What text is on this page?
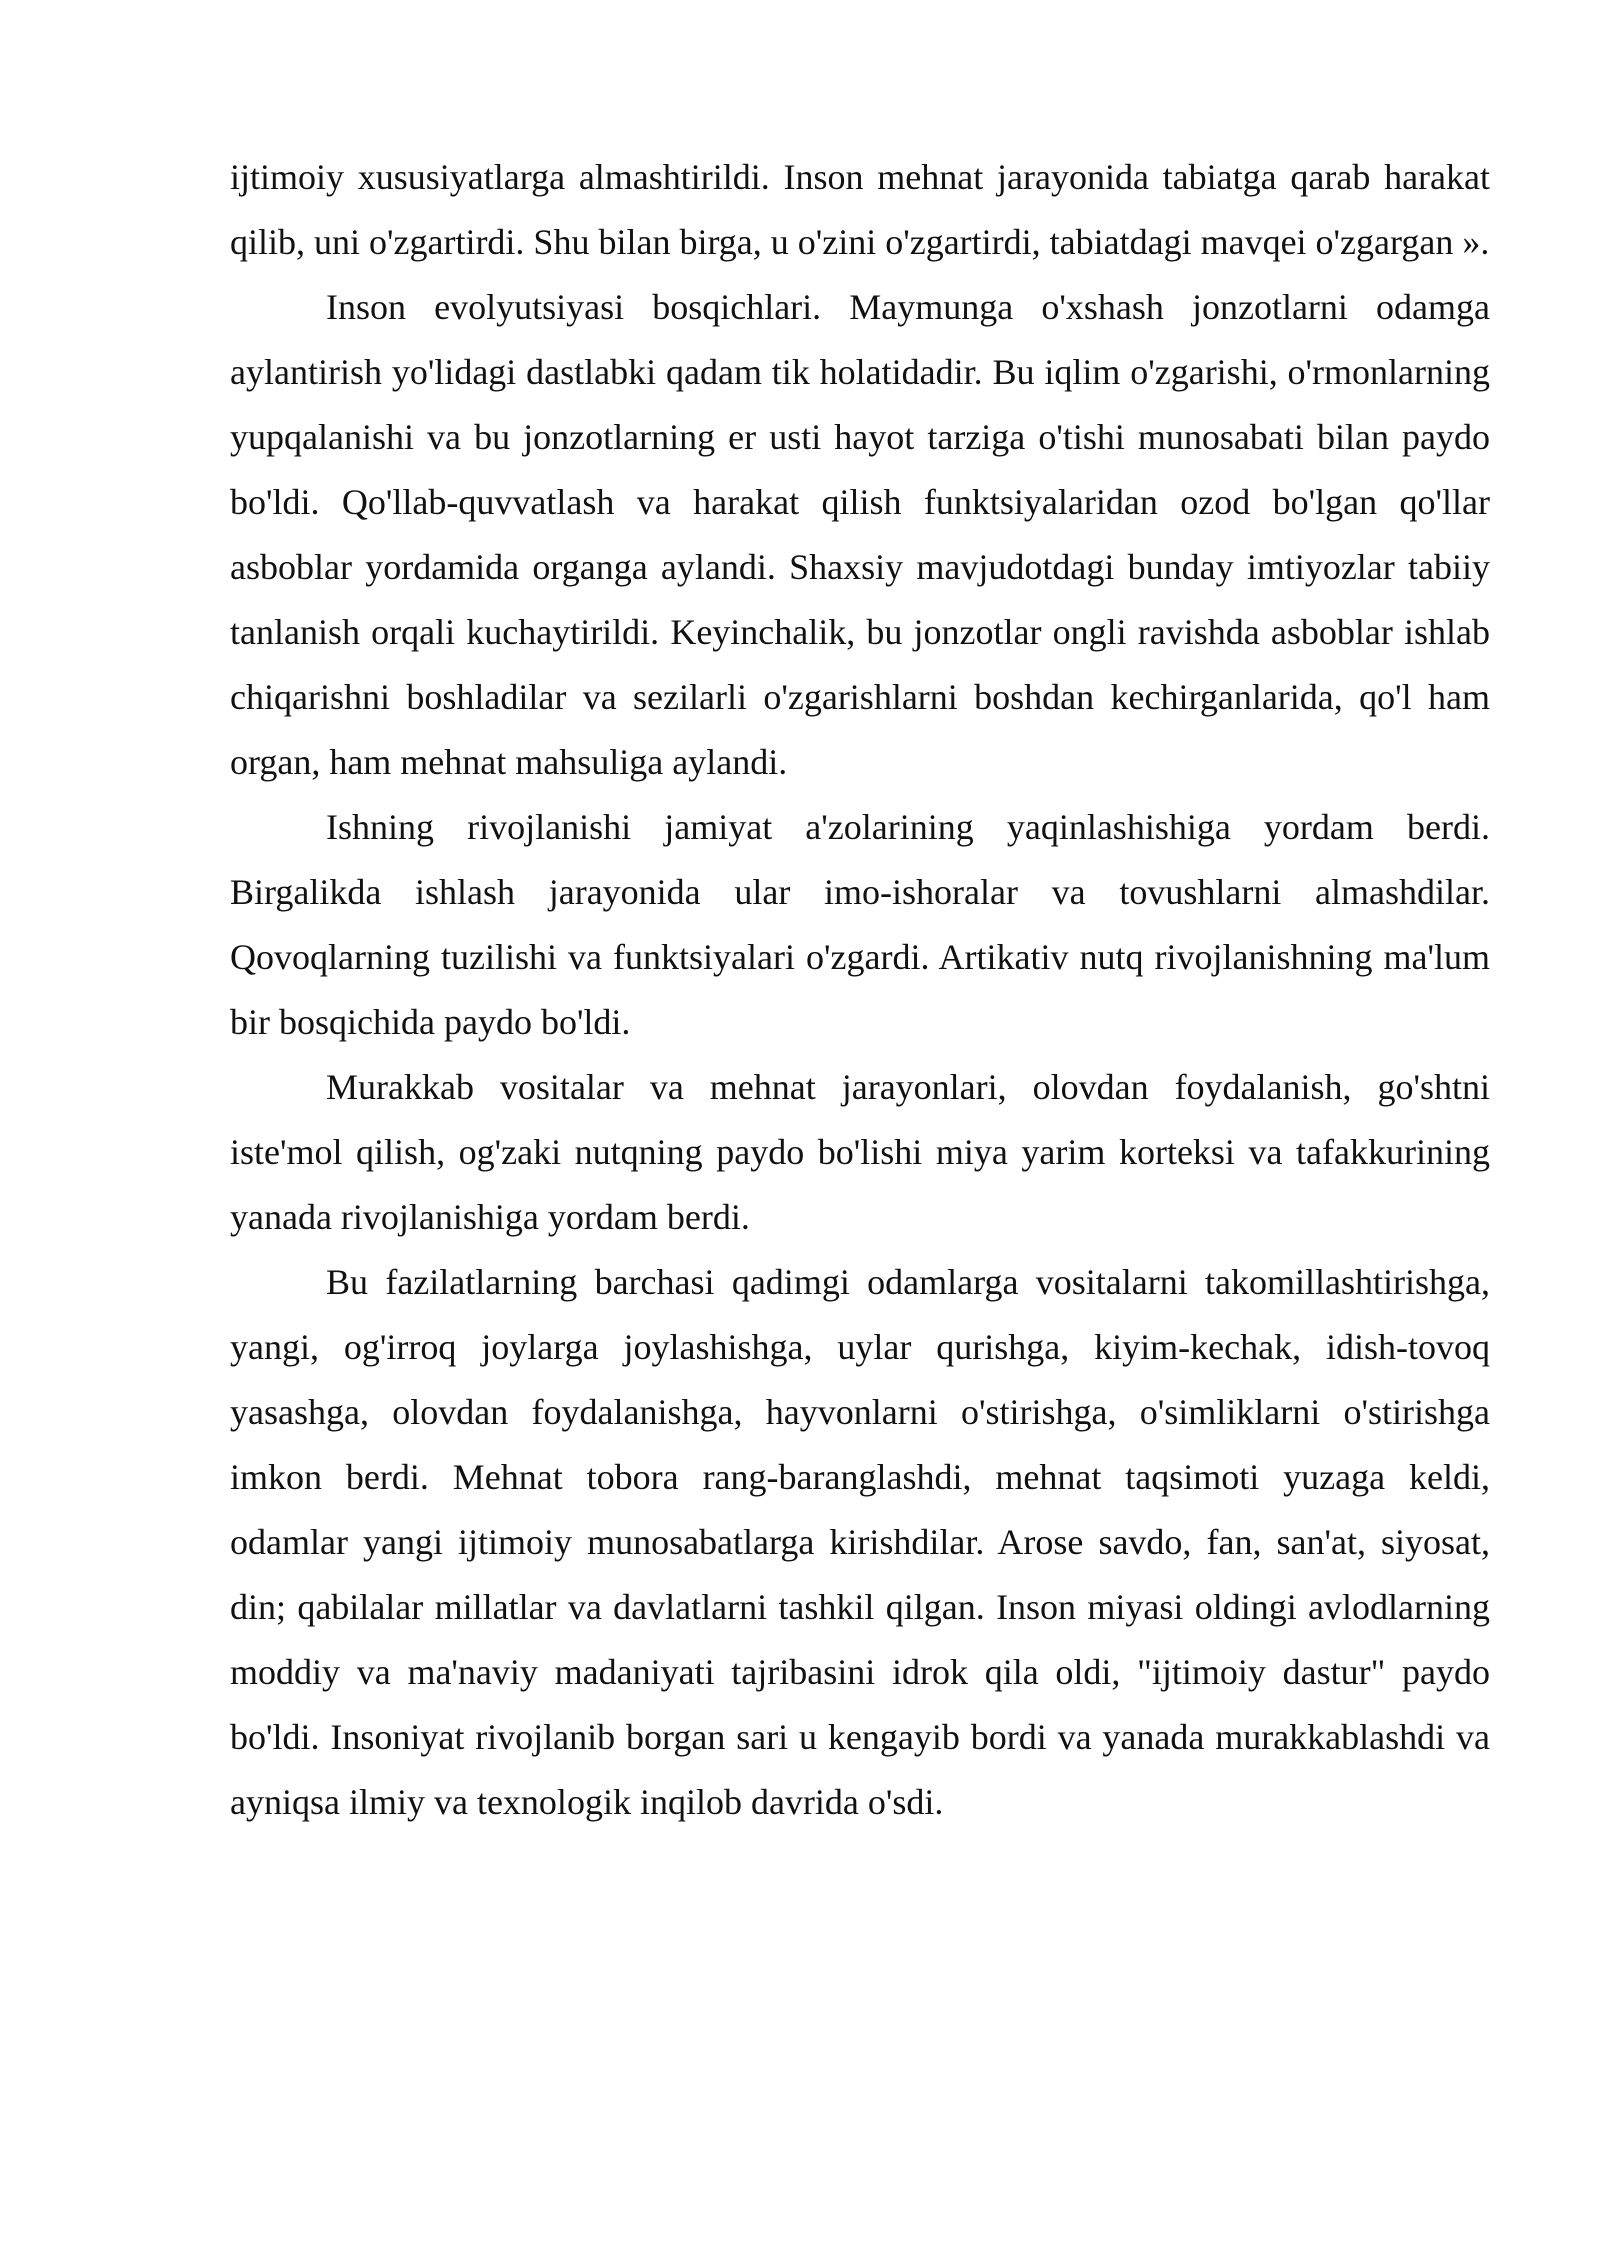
ijtimoiy xususiyatlarga almashtirildi. Inson mehnat jarayonida tabiatga qarab harakat qilib, uni o'zgartirdi. Shu bilan birga, u o'zini o'zgartirdi, tabiatdagi mavqei o'zgargan ».

Inson evolyutsiyasi bosqichlari. Maymunga o'xshash jonzotlarni odamga aylantirish yo'lidagi dastlabki qadam tik holatidadir. Bu iqlim o'zgarishi, o'rmonlarning yupqalanishi va bu jonzotlarning er usti hayot tarziga o'tishi munosabati bilan paydo bo'ldi. Qo'llab-quvvatlash va harakat qilish funktsiyalaridan ozod bo'lgan qo'llar asboblar yordamida organga aylandi. Shaxsiy mavjudotdagi bunday imtiyozlar tabiiy tanlanish orqali kuchaytirildi. Keyinchalik, bu jonzotlar ongli ravishda asboblar ishlab chiqarishni boshladilar va sezilarli o'zgarishlarni boshdan kechirganlarida, qo'l ham organ, ham mehnat mahsuliga aylandi.

Ishning rivojlanishi jamiyat a'zolarining yaqinlashishiga yordam berdi. Birgalikda ishlash jarayonida ular imo-ishoralar va tovushlarni almashdilar. Qovoqlarning tuzilishi va funktsiyalari o'zgardi. Artikativ nutq rivojlanishning ma'lum bir bosqichida paydo bo'ldi.

Murakkab vositalar va mehnat jarayonlari, olovdan foydalanish, go'shtni iste'mol qilish, og'zaki nutqning paydo bo'lishi miya yarim korteksi va tafakkurining yanada rivojlanishiga yordam berdi.

Bu fazilatlarning barchasi qadimgi odamlarga vositalarni takomillashtirishga, yangi, og'irroq joylarga joylashishga, uylar qurishga, kiyim-kechak, idish-tovoq yasashga, olovdan foydalanishga, hayvonlarni o'stirishga, o'simliklarni o'stirishga imkon berdi. Mehnat tobora rang-baranglashdi, mehnat taqsimoti yuzaga keldi, odamlar yangi ijtimoiy munosabatlarga kirishdilar. Arose savdo, fan, san'at, siyosat, din; qabilalar millatlar va davlatlarni tashkil qilgan. Inson miyasi oldingi avlodlarning moddiy va ma'naviy madaniyati tajribasini idrok qila oldi, "ijtimoiy dastur" paydo bo'ldi. Insoniyat rivojlanib borgan sari u kengayib bordi va yanada murakkablashdi va ayniqsa ilmiy va texnologik inqilob davrida o'sdi.
